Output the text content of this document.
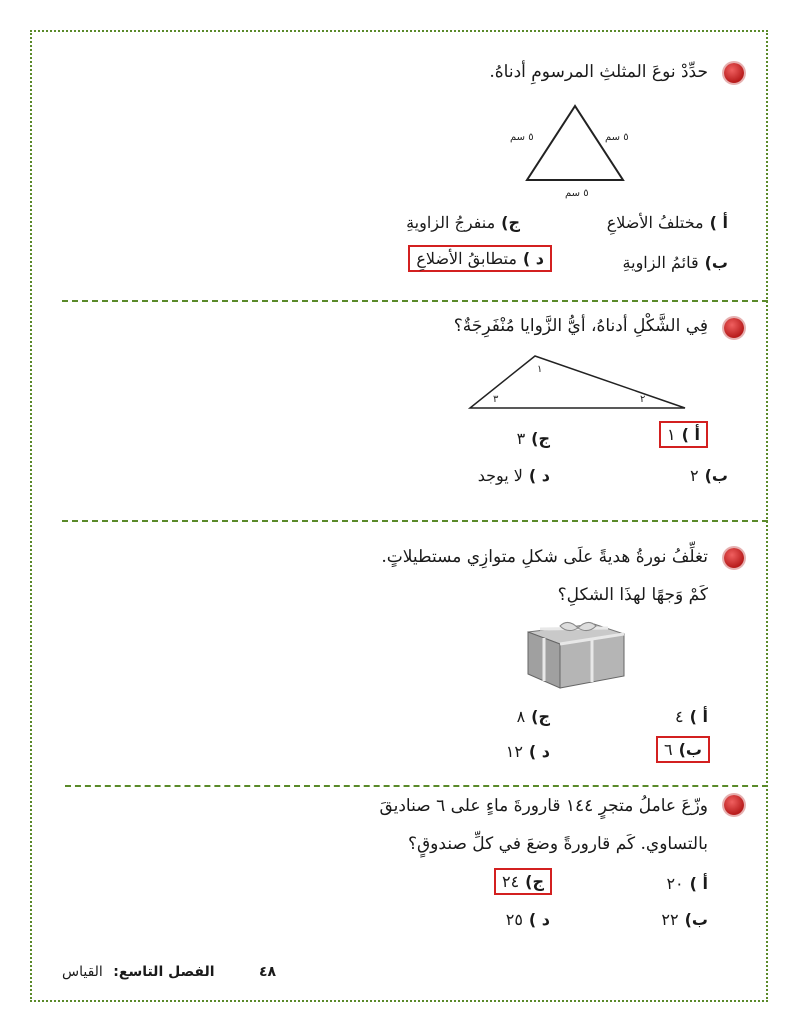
حدِّدْ نوعَ المثلثِ المرسومِ أدناهُ.
٥ سم	٥ سم
٥ سم
أ )مختلفُ الأضلاعِ
ج)منفرجُ الزاويةِ
ب)قائمُ الزاويةِ
د )متطابقُ الأضلاعِ
فِي الشَّكْلِ أدناهُ، أيُّ الزَّوايا مُنْفَرِجَةٌ؟
١
٢
٣
أ )١
ج)٣
ب)٢
د )لا يوجد
تغلِّفُ نورةُ هديةً علَى شكلِ متوازِي مستطيلاتٍ.
كَمْ وَجهًا لهذَا الشكلِ؟
أ )٤
ج)٨
ب)٦
د )١٢
وزّعَ عاملُ متجرٍ ١٤٤ قارورةَ ماءٍ على ٦ صناديقَ
بالتساوي. كَم قارورةً وضعَ في كلِّ صندوقٍ؟
أ )٢٠
ج)٢٤
ب)٢٢
د )٢٥
٤٨ الفصل التاسع: القياس
